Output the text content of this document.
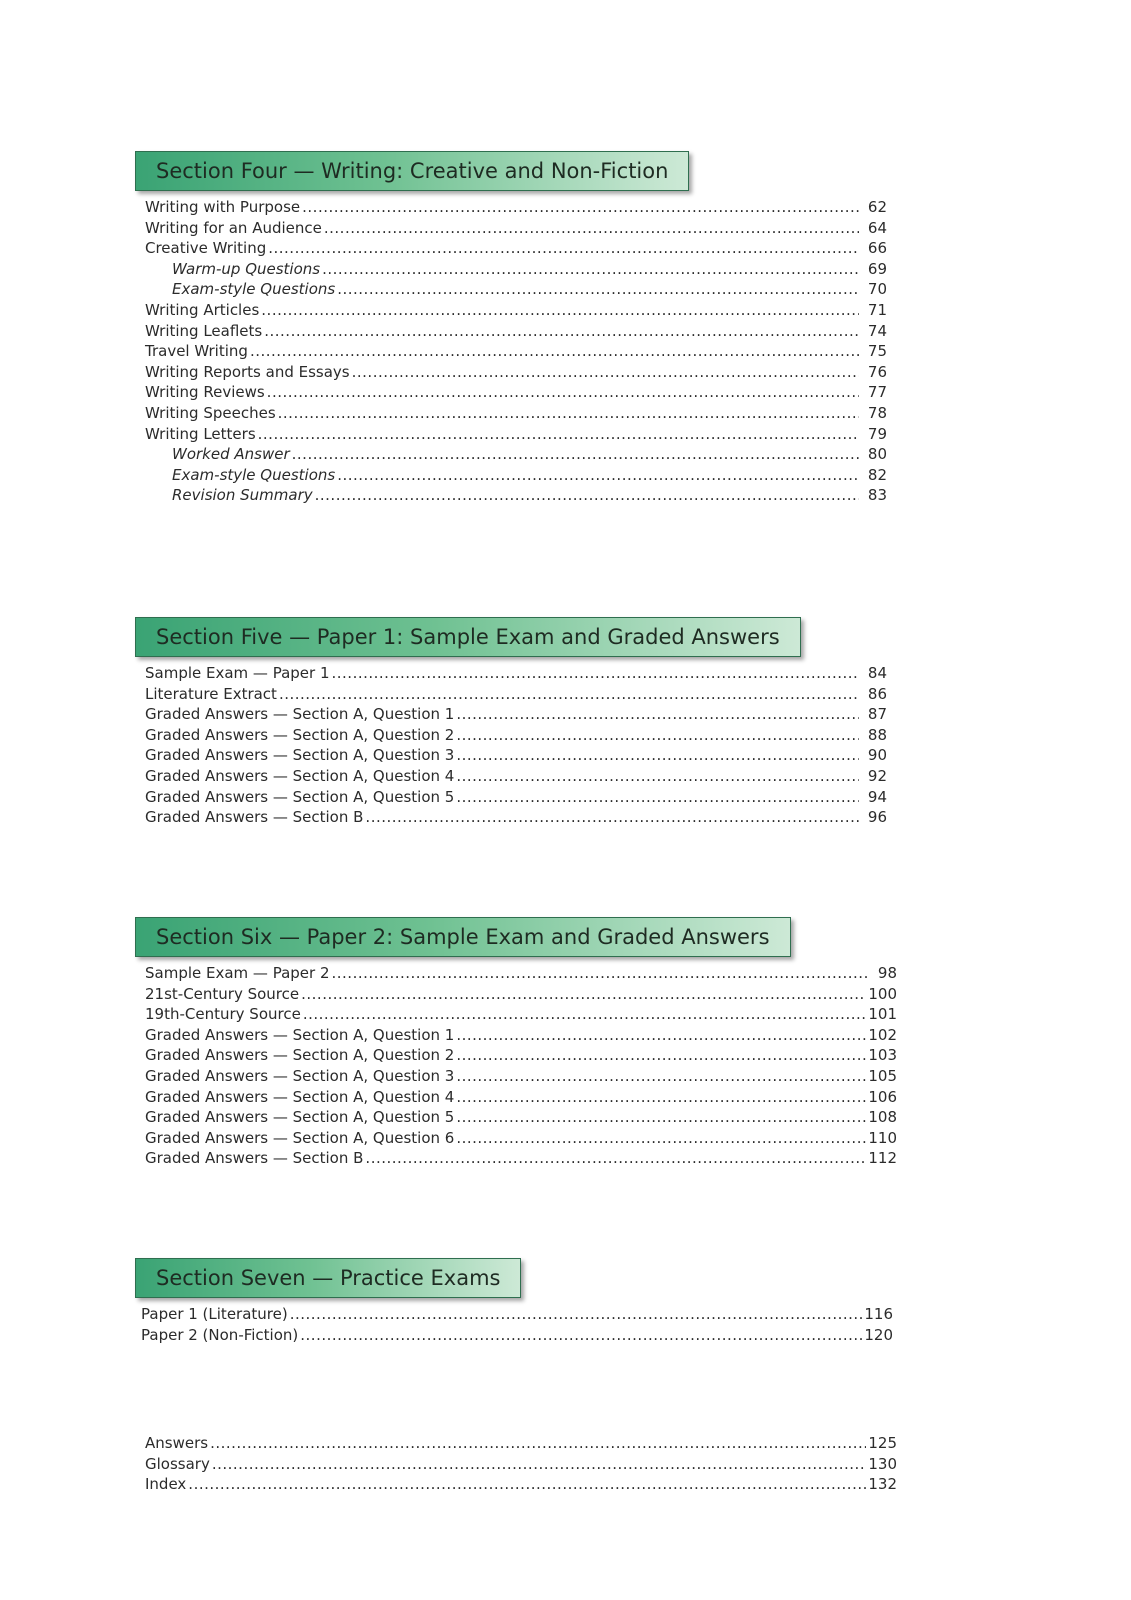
Section Four — Writing: Creative and Non-Fiction
Writing with Purpose .....	62
Writing for an Audience .....	64
Creative Writing .....	66
Warm-up Questions .....	69
Exam-style Questions .....	70
Writing Articles .....	71
Writing Leaflets .....	74
Travel Writing .....	75
Writing Reports and Essays .....	76
Writing Reviews .....	77
Writing Speeches .....	78
Writing Letters .....	79
Worked Answer .....	80
Exam-style Questions .....	82
Revision Summary .....	83
Section Five — Paper 1: Sample Exam and Graded Answers
Sample Exam — Paper 1 .....	84
Literature Extract .....	86
Graded Answers — Section A, Question 1 .....	87
Graded Answers — Section A, Question 2 .....	88
Graded Answers — Section A, Question 3 .....	90
Graded Answers — Section A, Question 4 .....	92
Graded Answers — Section A, Question 5 .....	94
Graded Answers — Section B .....	96
Section Six — Paper 2: Sample Exam and Graded Answers
Sample Exam — Paper 2 .....	98
21st-Century Source .....	100
19th-Century Source .....	101
Graded Answers — Section A, Question 1 .....	102
Graded Answers — Section A, Question 2 .....	103
Graded Answers — Section A, Question 3 .....	105
Graded Answers — Section A, Question 4 .....	106
Graded Answers — Section A, Question 5 .....	108
Graded Answers — Section A, Question 6 .....	110
Graded Answers — Section B .....	112
Section Seven — Practice Exams
Paper 1 (Literature) .....	116
Paper 2 (Non-Fiction) .....	120
Answers .....	125
Glossary .....	130
Index .....	132
